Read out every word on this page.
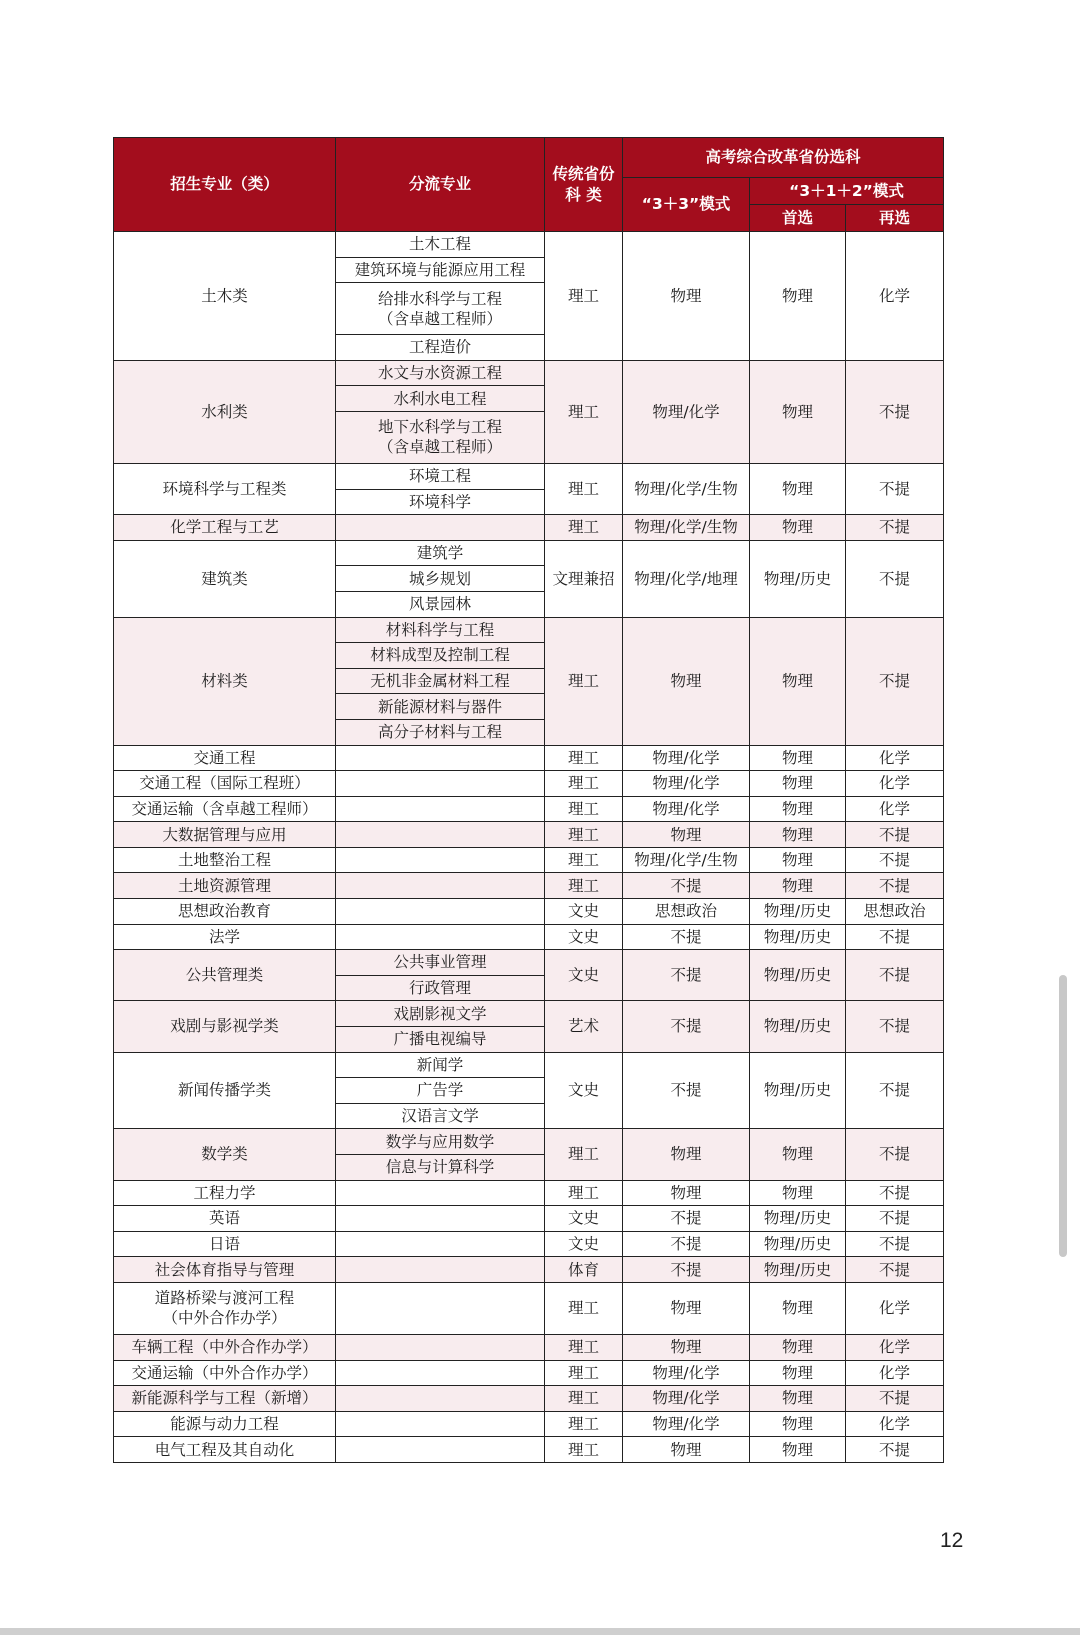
招生专业（类）	分流专业	传统省份
科 类	高考综合改革省份选科		
			“3＋3”模式	“3＋1＋2”模式	
				首选	再选

土木类	土木工程	理工	物理	物理	化学

	建筑环境与能源应用工程				

	给排水科学与工程
（含卓越工程师）				

	工程造价				

水利类	水文与水资源工程	理工	物理/化学	物理	不提

	水利水电工程				

	地下水科学与工程
（含卓越工程师）				

环境科学与工程类	环境工程	理工	物理/化学/生物	物理	不提

	环境科学				

化学工程与工艺		理工	物理/化学/生物	物理	不提

建筑类	建筑学	文理兼招	物理/化学/地理	物理/历史	不提

	城乡规划				

	风景园林				

材料类	材料科学与工程	理工	物理	物理	不提

	材料成型及控制工程				

	无机非金属材料工程				

	新能源材料与器件				

	高分子材料与工程				

交通工程		理工	物理/化学	物理	化学

交通工程（国际工程班）		理工	物理/化学	物理	化学

交通运输（含卓越工程师）		理工	物理/化学	物理	化学

大数据管理与应用		理工	物理	物理	不提

土地整治工程		理工	物理/化学/生物	物理	不提

土地资源管理		理工	不提	物理	不提

思想政治教育		文史	思想政治	物理/历史	思想政治

法学		文史	不提	物理/历史	不提

公共管理类	公共事业管理	文史	不提	物理/历史	不提

	行政管理				

戏剧与影视学类	戏剧影视文学	艺术	不提	物理/历史	不提

	广播电视编导				

新闻传播学类	新闻学	文史	不提	物理/历史	不提

	广告学				

	汉语言文学				

数学类	数学与应用数学	理工	物理	物理	不提

	信息与计算科学				

工程力学		理工	物理	物理	不提

英语		文史	不提	物理/历史	不提

日语		文史	不提	物理/历史	不提

社会体育指导与管理		体育	不提	物理/历史	不提

道路桥梁与渡河工程
（中外合作办学）		理工	物理	物理	化学

车辆工程（中外合作办学）		理工	物理	物理	化学

交通运输（中外合作办学）		理工	物理/化学	物理	化学

新能源科学与工程（新增）		理工	物理/化学	物理	不提

能源与动力工程		理工	物理/化学	物理	化学

电气工程及其自动化		理工	物理	物理	不提
12
